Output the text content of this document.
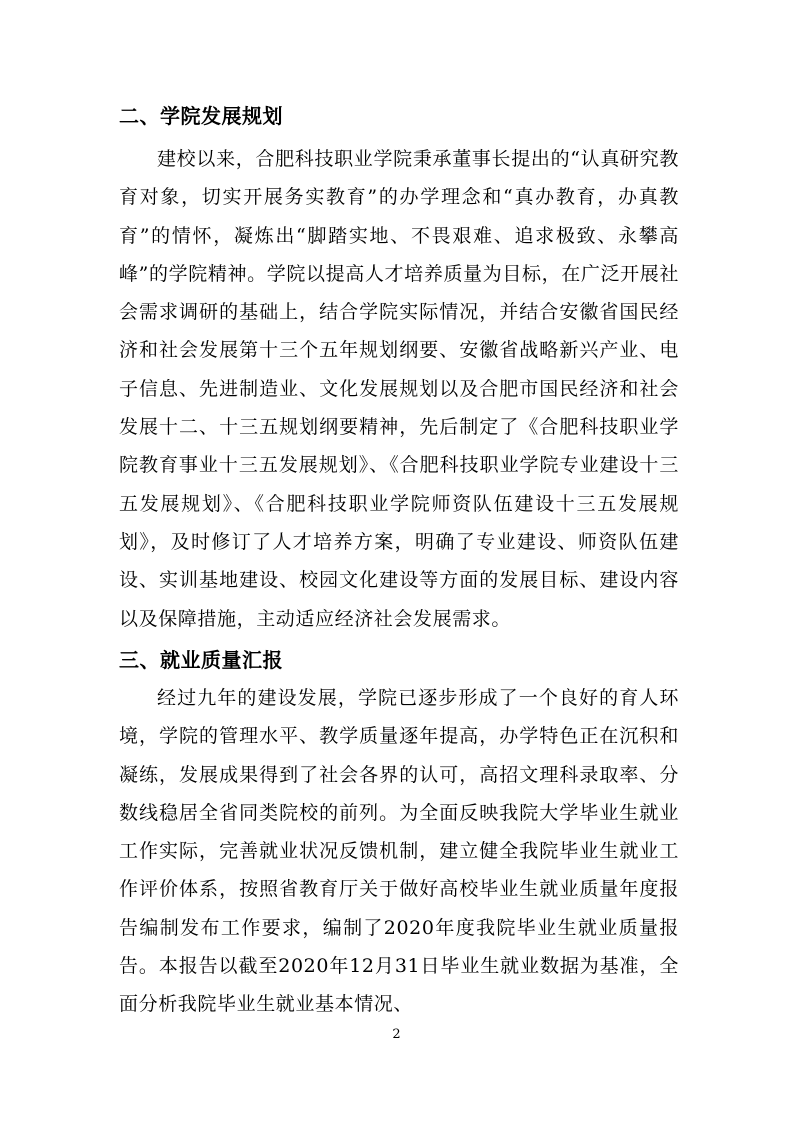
二、学院发展规划

建校以来，合肥科技职业学院秉承董事长提出的“认真研究教育对象，切实开展务实教育”的办学理念和“真办教育，办真教育”的情怀，凝炼出“脚踏实地、不畏艰难、追求极致、永攀高峰”的学院精神。学院以提高人才培养质量为目标，在广泛开展社会需求调研的基础上，结合学院实际情况，并结合安徽省国民经济和社会发展第十三个五年规划纲要、安徽省战略新兴产业、电子信息、先进制造业、文化发展规划以及合肥市国民经济和社会发展十二、十三五规划纲要精神，先后制定了《合肥科技职业学院教育事业十三五发展规划》、《合肥科技职业学院专业建设十三五发展规划》、《合肥科技职业学院师资队伍建设十三五发展规划》，及时修订了人才培养方案，明确了专业建设、师资队伍建设、实训基地建设、校园文化建设等方面的发展目标、建设内容以及保障措施，主动适应经济社会发展需求。

三、就业质量汇报

经过九年的建设发展，学院已逐步形成了一个良好的育人环境，学院的管理水平、教学质量逐年提高，办学特色正在沉积和凝练，发展成果得到了社会各界的认可，高招文理科录取率、分数线稳居全省同类院校的前列。为全面反映我院大学毕业生就业工作实际，完善就业状况反馈机制，建立健全我院毕业生就业工作评价体系，按照省教育厅关于做好高校毕业生就业质量年度报告编制发布工作要求，编制了2020年度我院毕业生就业质量报告。本报告以截至2020年12月31日毕业生就业数据为基准，全面分析我院毕业生就业基本情况、

2
